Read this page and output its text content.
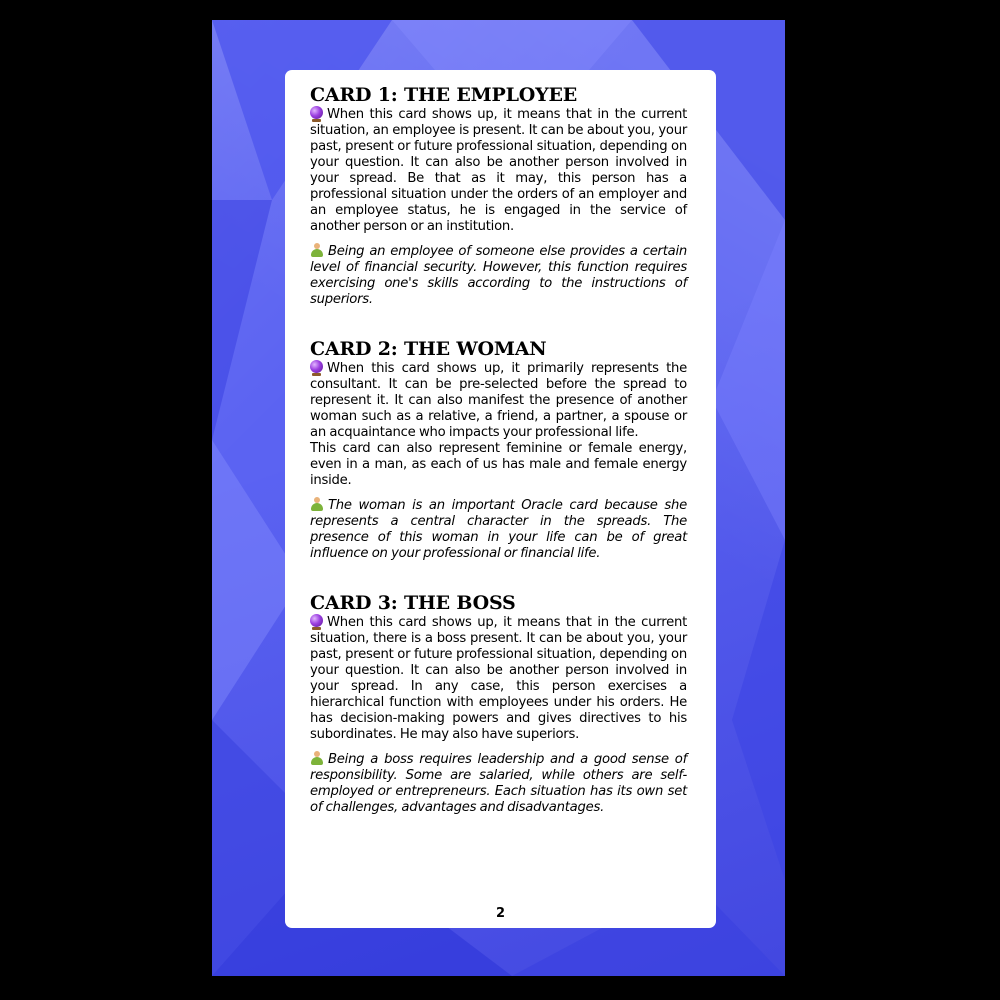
CARD 1: THE EMPLOYEE

When this card shows up, it means that in the current situation, an employee is present. It can be about you, your past, present or future professional situation, depending on your question. It can also be another person involved in your spread. Be that as it may, this person has a professional situation under the orders of an employer and an employee status, he is engaged in the service of another person or an institution.

Being an employee of someone else provides a certain level of financial security. However, this function requires exercising one's skills according to the instructions of superiors.

CARD 2: THE WOMAN

When this card shows up, it primarily represents the consultant. It can be pre-selected before the spread to represent it. It can also manifest the presence of another woman such as a relative, a friend, a partner, a spouse or an acquaintance who impacts your professional life.

This card can also represent feminine or female energy, even in a man, as each of us has male and female energy inside.

The woman is an important Oracle card because she represents a central character in the spreads. The presence of this woman in your life can be of great influence on your professional or financial life.

CARD 3: THE BOSS

When this card shows up, it means that in the current situation, there is a boss present. It can be about you, your past, present or future professional situation, depending on your question. It can also be another person involved in your spread. In any case, this person exercises a hierarchical function with employees under his orders. He has decision-making powers and gives directives to his subordinates. He may also have superiors.

Being a boss requires leadership and a good sense of responsibility. Some are salaried, while others are self-employed or entrepreneurs. Each situation has its own set of challenges, advantages and disadvantages.

2
